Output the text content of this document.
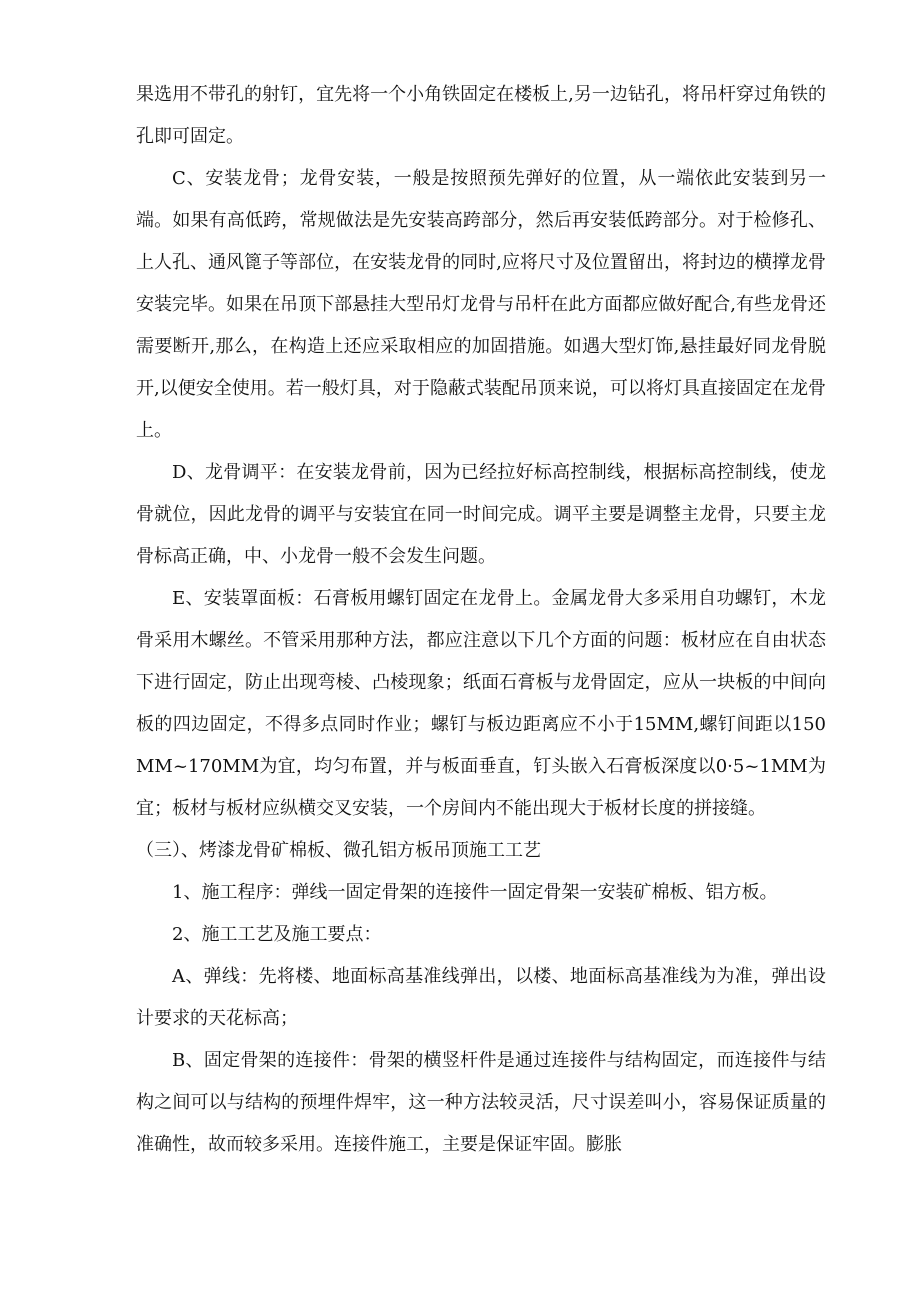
果选用不带孔的射钉，宜先将一个小角铁固定在楼板上,另一边钻孔，将吊杆穿过角铁的孔即可固定。

C、安装龙骨；龙骨安装，一般是按照预先弹好的位置，从一端依此安装到另一端。如果有高低跨，常规做法是先安装高跨部分，然后再安装低跨部分。对于检修孔、上人孔、通风篦子等部位，在安装龙骨的同时,应将尺寸及位置留出，将封边的横撑龙骨安装完毕。如果在吊顶下部悬挂大型吊灯龙骨与吊杆在此方面都应做好配合,有些龙骨还需要断开,那么，在构造上还应采取相应的加固措施。如遇大型灯饰,悬挂最好同龙骨脱开,以便安全使用。若一般灯具，对于隐蔽式装配吊顶来说，可以将灯具直接固定在龙骨上。

D、龙骨调平：在安装龙骨前，因为已经拉好标高控制线，根据标高控制线，使龙骨就位，因此龙骨的调平与安装宜在同一时间完成。调平主要是调整主龙骨，只要主龙骨标高正确，中、小龙骨一般不会发生问题。

E、安装罩面板：石膏板用螺钉固定在龙骨上。金属龙骨大多采用自功螺钉，木龙骨采用木螺丝。不管采用那种方法，都应注意以下几个方面的问题：板材应在自由状态下进行固定，防止出现弯棱、凸棱现象；纸面石膏板与龙骨固定，应从一块板的中间向板的四边固定，不得多点同时作业；螺钉与板边距离应不小于15MM,螺钉间距以150MM~170MM为宜，均匀布置，并与板面垂直，钉头嵌入石膏板深度以0·5~1MM为宜；板材与板材应纵横交叉安装，一个房间内不能出现大于板材长度的拼接缝。

（三）、烤漆龙骨矿棉板、微孔铝方板吊顶施工工艺

1、施工程序：弹线一固定骨架的连接件一固定骨架一安装矿棉板、铝方板。

2、施工工艺及施工要点：

A、弹线：先将楼、地面标高基准线弹出，以楼、地面标高基准线为为准，弹出设计要求的天花标高；

B、固定骨架的连接件：骨架的横竖杆件是通过连接件与结构固定，而连接件与结构之间可以与结构的预埋件焊牢，这一种方法较灵活，尺寸误差叫小，容易保证质量的准确性，故而较多采用。连接件施工，主要是保证牢固。膨胀
